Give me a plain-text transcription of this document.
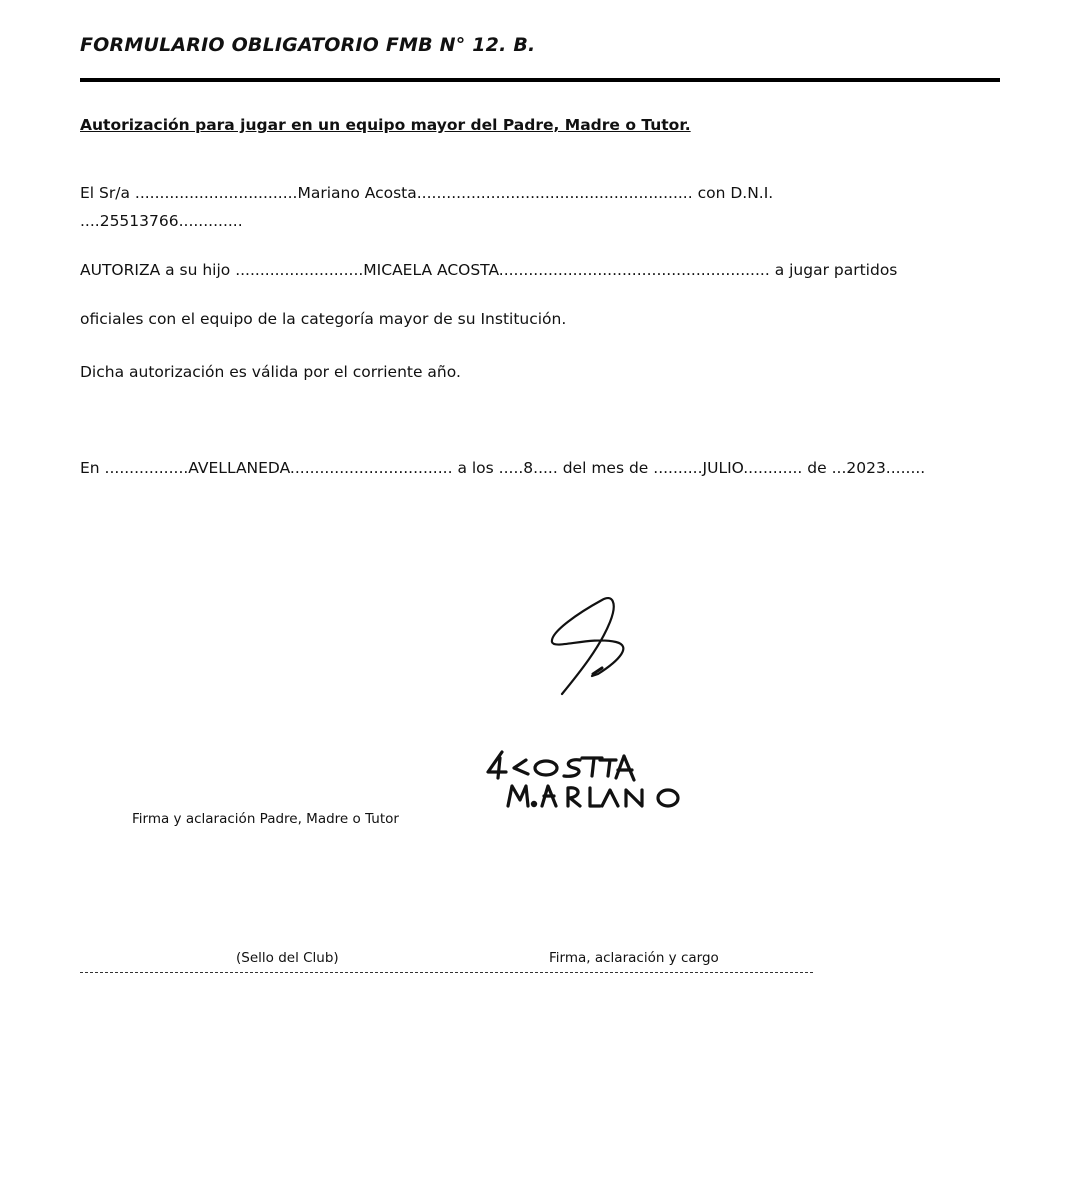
FORMULARIO OBLIGATORIO FMB N° 12. B.
Autorización para jugar en un equipo mayor del Padre, Madre o Tutor.
El Sr/a .................................Mariano Acosta........................................................ con D.N.I.
....25513766.............
AUTORIZA a su hijo ..........................MICAELA ACOSTA....................................................... a jugar partidos
oficiales con el equipo de la categoría mayor de su Institución.
Dicha autorización es válida por el corriente año.
En .................AVELLANEDA................................. a los .....8..... del mes de ..........JULIO............ de ...2023........
Firma y aclaración Padre, Madre o Tutor
(Sello del Club)	Firma, aclaración y cargo
